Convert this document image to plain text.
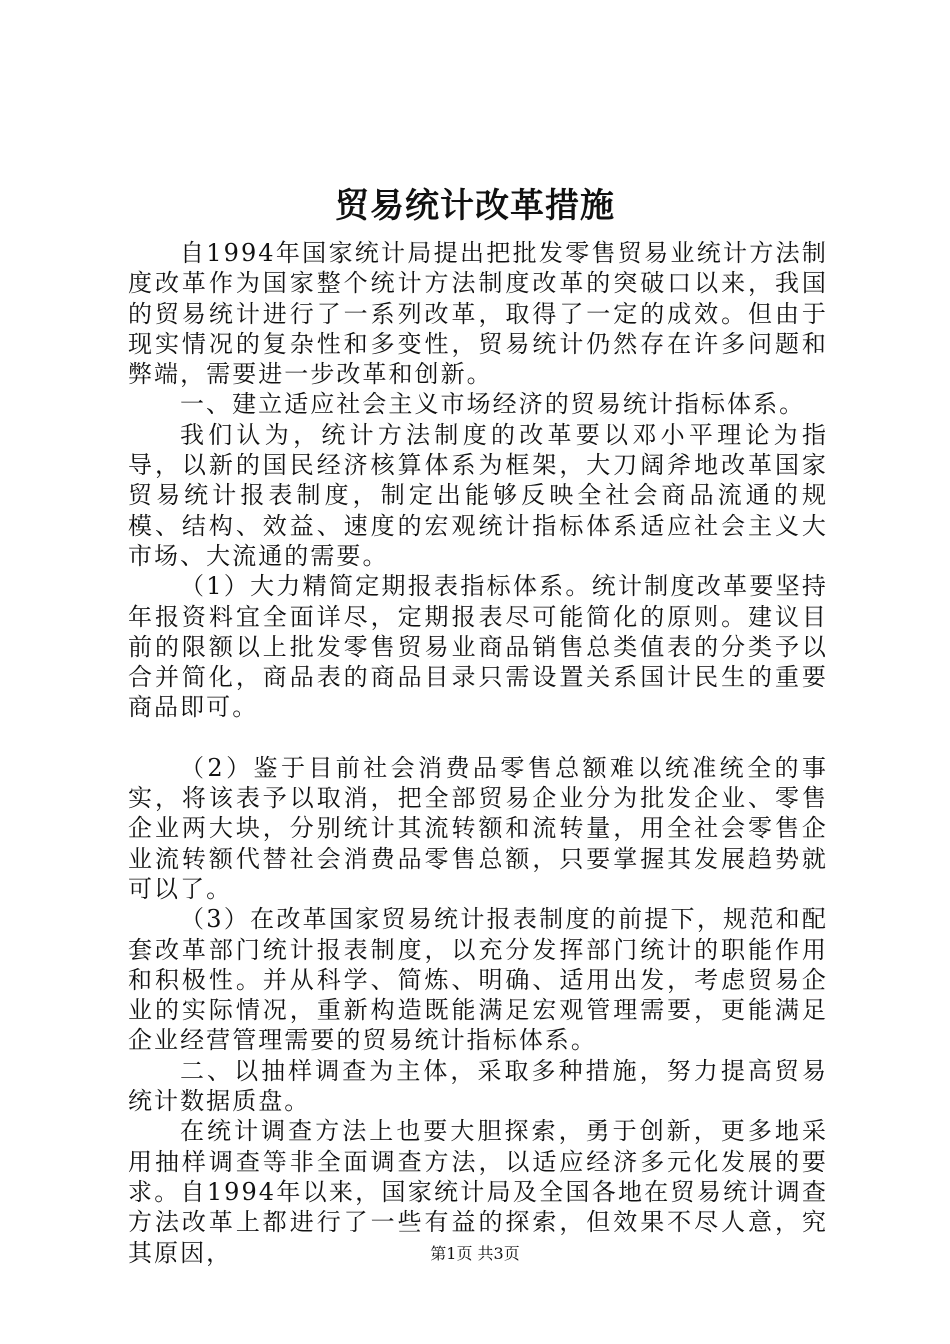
贸易统计改革措施

自1994年国家统计局提出把批发零售贸易业统计方法制度改革作为国家整个统计方法制度改革的突破口以来，我国的贸易统计进行了一系列改革，取得了一定的成效。但由于现实情况的复杂性和多变性，贸易统计仍然存在许多问题和弊端，需要进一步改革和创新。

一、建立适应社会主义市场经济的贸易统计指标体系。

我们认为，统计方法制度的改革要以邓小平理论为指导，以新的国民经济核算体系为框架，大刀阔斧地改革国家贸易统计报表制度，制定出能够反映全社会商品流通的规模、结构、效益、速度的宏观统计指标体系适应社会主义大市场、大流通的需要。

（1）大力精简定期报表指标体系。统计制度改革要坚持年报资料宜全面详尽，定期报表尽可能简化的原则。建议目前的限额以上批发零售贸易业商品销售总类值表的分类予以合并简化，商品表的商品目录只需设置关系国计民生的重要商品即可。

（2）鉴于目前社会消费品零售总额难以统准统全的事实，将该表予以取消，把全部贸易企业分为批发企业、零售企业两大块，分别统计其流转额和流转量，用全社会零售企业流转额代替社会消费品零售总额，只要掌握其发展趋势就可以了。

（3）在改革国家贸易统计报表制度的前提下，规范和配套改革部门统计报表制度，以充分发挥部门统计的职能作用和积极性。并从科学、简炼、明确、适用出发，考虑贸易企业的实际情况，重新构造既能满足宏观管理需要，更能满足企业经营管理需要的贸易统计指标体系。

二、以抽样调查为主体，采取多种措施，努力提高贸易统计数据质盘。

在统计调查方法上也要大胆探索，勇于创新，更多地采用抽样调查等非全面调查方法，以适应经济多元化发展的要求。自1994年以来，国家统计局及全国各地在贸易统计调查方法改革上都进行了一些有益的探索，但效果不尽人意，究其原因，	第1页 共3页
